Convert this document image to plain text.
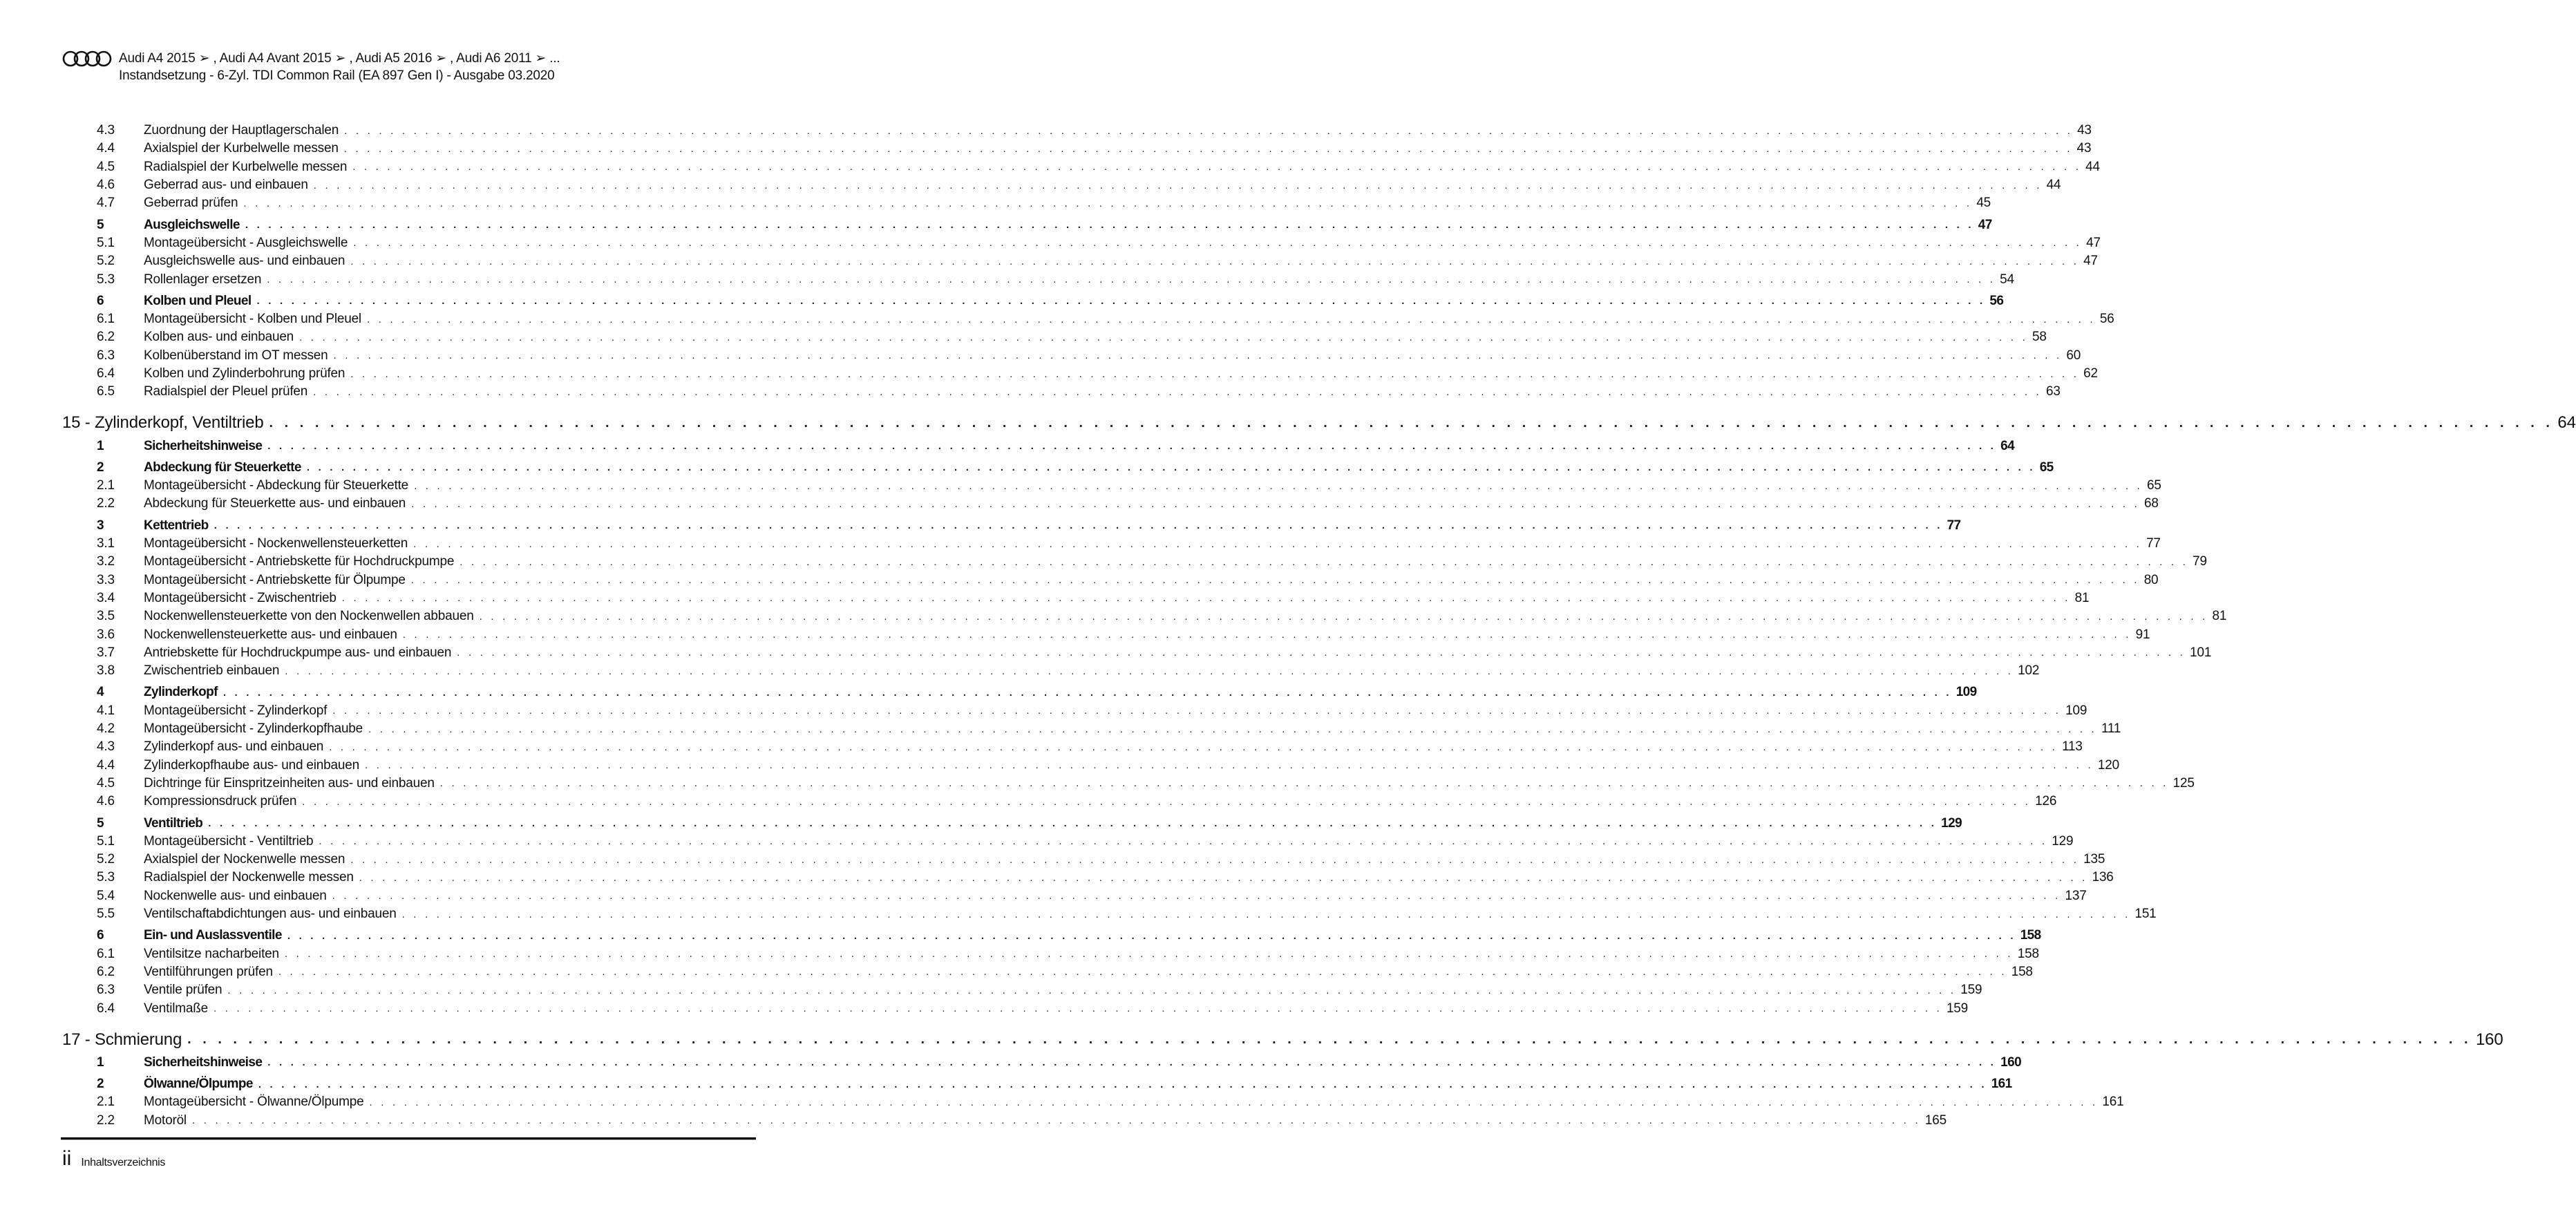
Audi A4 2015 ➢ , Audi A4 Avant 2015 ➢ , Audi A5 2016 ➢ , Audi A6 2011 ➢ ...
Instandsetzung - 6-Zyl. TDI Common Rail (EA 897 Gen I) - Ausgabe 03.2020
4.3	Zuordnung der Hauptlagerschalen . . . . . . . . . . . . . . . . . . . . . . . . . . . . . . . . . . . . . . . . . . . . . . . . . . . . . . . . . . . . . . . . . . . . . . . . . . . . . . . . . . . . . . . . . . . . . . . . . . . . . . . . . . . . . . . . . . . . . . . . . . . . . . . . . . . . . . . . . . . . . . . . . . . . . . 43
4.4	Axialspiel der Kurbelwelle messen . . . . . . . . . . . . . . . . . . . . . . . . . . . . . . . . . . . . . . . . . . . . . . . . . . . . . . . . . . . . . . . . . . . . . . . . . . . . . . . . . . . . . . . . . . . . . . . . . . . . . . . . . . . . . . . . . . . . . . . . . . . . . . . . . . . . . . . . . . . . . . . . . . . . . . 43
4.5	Radialspiel der Kurbelwelle messen . . . . . . . . . . . . . . . . . . . . . . . . . . . . . . . . . . . . . . . . . . . . . . . . . . . . . . . . . . . . . . . . . . . . . . . . . . . . . . . . . . . . . . . . . . . . . . . . . . . . . . . . . . . . . . . . . . . . . . . . . . . . . . . . . . . . . . . . . . . . . . . . . . . . . . 44
4.6	Geberrad aus- und einbauen . . . . . . . . . . . . . . . . . . . . . . . . . . . . . . . . . . . . . . . . . . . . . . . . . . . . . . . . . . . . . . . . . . . . . . . . . . . . . . . . . . . . . . . . . . . . . . . . . . . . . . . . . . . . . . . . . . . . . . . . . . . . . . . . . . . . . . . . . . . . . . . . . . . . . . 44
4.7	Geberrad prüfen . . . . . . . . . . . . . . . . . . . . . . . . . . . . . . . . . . . . . . . . . . . . . . . . . . . . . . . . . . . . . . . . . . . . . . . . . . . . . . . . . . . . . . . . . . . . . . . . . . . . . . . . . . . . . . . . . . . . . . . . . . . . . . . . . . . . . . . . . . . . . . . . . . . . . . 45
5	Ausgleichswelle . . . . . . . . . . . . . . . . . . . . . . . . . . . . . . . . . . . . . . . . . . . . . . . . . . . . . . . . . . . . . . . . . . . . . . . . . . . . . . . . . . . . . . . . . . . . . . . . . . . . . . . . . . . . . . . . . . . . . . . . . . . . . . . . . . . . . . . . . . . . . . . . . . . . . . 47
5.1	Montageübersicht - Ausgleichswelle . . . . . . . . . . . . . . . . . . . . . . . . . . . . . . . . . . . . . . . . . . . . . . . . . . . . . . . . . . . . . . . . . . . . . . . . . . . . . . . . . . . . . . . . . . . . . . . . . . . . . . . . . . . . . . . . . . . . . . . . . . . . . . . . . . . . . . . . . . . . . . . . . . . . . . 47
5.2	Ausgleichswelle aus- und einbauen . . . . . . . . . . . . . . . . . . . . . . . . . . . . . . . . . . . . . . . . . . . . . . . . . . . . . . . . . . . . . . . . . . . . . . . . . . . . . . . . . . . . . . . . . . . . . . . . . . . . . . . . . . . . . . . . . . . . . . . . . . . . . . . . . . . . . . . . . . . . . . . . . . . . . . 47
5.3	Rollenlager ersetzen . . . . . . . . . . . . . . . . . . . . . . . . . . . . . . . . . . . . . . . . . . . . . . . . . . . . . . . . . . . . . . . . . . . . . . . . . . . . . . . . . . . . . . . . . . . . . . . . . . . . . . . . . . . . . . . . . . . . . . . . . . . . . . . . . . . . . . . . . . . . . . . . . . . . . . 54
6	Kolben und Pleuel . . . . . . . . . . . . . . . . . . . . . . . . . . . . . . . . . . . . . . . . . . . . . . . . . . . . . . . . . . . . . . . . . . . . . . . . . . . . . . . . . . . . . . . . . . . . . . . . . . . . . . . . . . . . . . . . . . . . . . . . . . . . . . . . . . . . . . . . . . . . . . . . . . . . . . 56
6.1	Montageübersicht - Kolben und Pleuel . . . . . . . . . . . . . . . . . . . . . . . . . . . . . . . . . . . . . . . . . . . . . . . . . . . . . . . . . . . . . . . . . . . . . . . . . . . . . . . . . . . . . . . . . . . . . . . . . . . . . . . . . . . . . . . . . . . . . . . . . . . . . . . . . . . . . . . . . . . . . . . . . . . . . . 56
6.2	Kolben aus- und einbauen . . . . . . . . . . . . . . . . . . . . . . . . . . . . . . . . . . . . . . . . . . . . . . . . . . . . . . . . . . . . . . . . . . . . . . . . . . . . . . . . . . . . . . . . . . . . . . . . . . . . . . . . . . . . . . . . . . . . . . . . . . . . . . . . . . . . . . . . . . . . . . . . . . . . . . 58
6.3	Kolbenüberstand im OT messen . . . . . . . . . . . . . . . . . . . . . . . . . . . . . . . . . . . . . . . . . . . . . . . . . . . . . . . . . . . . . . . . . . . . . . . . . . . . . . . . . . . . . . . . . . . . . . . . . . . . . . . . . . . . . . . . . . . . . . . . . . . . . . . . . . . . . . . . . . . . . . . . . . . . . . 60
6.4	Kolben und Zylinderbohrung prüfen . . . . . . . . . . . . . . . . . . . . . . . . . . . . . . . . . . . . . . . . . . . . . . . . . . . . . . . . . . . . . . . . . . . . . . . . . . . . . . . . . . . . . . . . . . . . . . . . . . . . . . . . . . . . . . . . . . . . . . . . . . . . . . . . . . . . . . . . . . . . . . . . . . . . . . 62
6.5	Radialspiel der Pleuel prüfen . . . . . . . . . . . . . . . . . . . . . . . . . . . . . . . . . . . . . . . . . . . . . . . . . . . . . . . . . . . . . . . . . . . . . . . . . . . . . . . . . . . . . . . . . . . . . . . . . . . . . . . . . . . . . . . . . . . . . . . . . . . . . . . . . . . . . . . . . . . . . . . . . . . . . . 63
15 - Zylinderkopf, Ventiltrieb . . . . . . . . . . . . . . . . . . . . . . . . . . . . . . . . . . . . . . . . . . . . . . . . . . . . . . . . . . . . . . . . . . . . . . . . . . . . . . . . . . . . . . . . . . . . . . . . . . . . . . . . . . . . . . . . . . . . . . . . . . . . . . . . . . . . . . . . . . . . . . . . . . . . . . 64
1	Sicherheitshinweise . . . . . . . . . . . . . . . . . . . . . . . . . . . . . . . . . . . . . . . . . . . . . . . . . . . . . . . . . . . . . . . . . . . . . . . . . . . . . . . . . . . . . . . . . . . . . . . . . . . . . . . . . . . . . . . . . . . . . . . . . . . . . . . . . . . . . . . . . . . . . . . . . . . . . . 64
2	Abdeckung für Steuerkette . . . . . . . . . . . . . . . . . . . . . . . . . . . . . . . . . . . . . . . . . . . . . . . . . . . . . . . . . . . . . . . . . . . . . . . . . . . . . . . . . . . . . . . . . . . . . . . . . . . . . . . . . . . . . . . . . . . . . . . . . . . . . . . . . . . . . . . . . . . . . . . . . . . . . . 65
2.1	Montageübersicht - Abdeckung für Steuerkette . . . . . . . . . . . . . . . . . . . . . . . . . . . . . . . . . . . . . . . . . . . . . . . . . . . . . . . . . . . . . . . . . . . . . . . . . . . . . . . . . . . . . . . . . . . . . . . . . . . . . . . . . . . . . . . . . . . . . . . . . . . . . . . . . . . . . . . . . . . . . . . . . . . . . . 65
2.2	Abdeckung für Steuerkette aus- und einbauen . . . . . . . . . . . . . . . . . . . . . . . . . . . . . . . . . . . . . . . . . . . . . . . . . . . . . . . . . . . . . . . . . . . . . . . . . . . . . . . . . . . . . . . . . . . . . . . . . . . . . . . . . . . . . . . . . . . . . . . . . . . . . . . . . . . . . . . . . . . . . . . . . . . . . . 68
3	Kettentrieb . . . . . . . . . . . . . . . . . . . . . . . . . . . . . . . . . . . . . . . . . . . . . . . . . . . . . . . . . . . . . . . . . . . . . . . . . . . . . . . . . . . . . . . . . . . . . . . . . . . . . . . . . . . . . . . . . . . . . . . . . . . . . . . . . . . . . . . . . . . . . . . . . . . . . . 77
3.1	Montageübersicht - Nockenwellensteuerketten . . . . . . . . . . . . . . . . . . . . . . . . . . . . . . . . . . . . . . . . . . . . . . . . . . . . . . . . . . . . . . . . . . . . . . . . . . . . . . . . . . . . . . . . . . . . . . . . . . . . . . . . . . . . . . . . . . . . . . . . . . . . . . . . . . . . . . . . . . . . . . . . . . . . . . 77
3.2	Montageübersicht - Antriebskette für Hochdruckpumpe . . . . . . . . . . . . . . . . . . . . . . . . . . . . . . . . . . . . . . . . . . . . . . . . . . . . . . . . . . . . . . . . . . . . . . . . . . . . . . . . . . . . . . . . . . . . . . . . . . . . . . . . . . . . . . . . . . . . . . . . . . . . . . . . . . . . . . . . . . . . . . . . . . . . . . 79
3.3	Montageübersicht - Antriebskette für Ölpumpe . . . . . . . . . . . . . . . . . . . . . . . . . . . . . . . . . . . . . . . . . . . . . . . . . . . . . . . . . . . . . . . . . . . . . . . . . . . . . . . . . . . . . . . . . . . . . . . . . . . . . . . . . . . . . . . . . . . . . . . . . . . . . . . . . . . . . . . . . . . . . . . . . . . . . . 80
3.4	Montageübersicht - Zwischentrieb . . . . . . . . . . . . . . . . . . . . . . . . . . . . . . . . . . . . . . . . . . . . . . . . . . . . . . . . . . . . . . . . . . . . . . . . . . . . . . . . . . . . . . . . . . . . . . . . . . . . . . . . . . . . . . . . . . . . . . . . . . . . . . . . . . . . . . . . . . . . . . . . . . . . . . 81
3.5	Nockenwellensteuerkette von den Nockenwellen abbauen . . . . . . . . . . . . . . . . . . . . . . . . . . . . . . . . . . . . . . . . . . . . . . . . . . . . . . . . . . . . . . . . . . . . . . . . . . . . . . . . . . . . . . . . . . . . . . . . . . . . . . . . . . . . . . . . . . . . . . . . . . . . . . . . . . . . . . . . . . . . . . . . . . . . . . 81
3.6	Nockenwellensteuerkette aus- und einbauen . . . . . . . . . . . . . . . . . . . . . . . . . . . . . . . . . . . . . . . . . . . . . . . . . . . . . . . . . . . . . . . . . . . . . . . . . . . . . . . . . . . . . . . . . . . . . . . . . . . . . . . . . . . . . . . . . . . . . . . . . . . . . . . . . . . . . . . . . . . . . . . . . . . . . . 91
3.7	Antriebskette für Hochdruckpumpe aus- und einbauen . . . . . . . . . . . . . . . . . . . . . . . . . . . . . . . . . . . . . . . . . . . . . . . . . . . . . . . . . . . . . . . . . . . . . . . . . . . . . . . . . . . . . . . . . . . . . . . . . . . . . . . . . . . . . . . . . . . . . . . . . . . . . . . . . . . . . . . . . . . . . . . . . . . . . . 101
3.8	Zwischentrieb einbauen . . . . . . . . . . . . . . . . . . . . . . . . . . . . . . . . . . . . . . . . . . . . . . . . . . . . . . . . . . . . . . . . . . . . . . . . . . . . . . . . . . . . . . . . . . . . . . . . . . . . . . . . . . . . . . . . . . . . . . . . . . . . . . . . . . . . . . . . . . . . . . . . . . . . . . 102
4	Zylinderkopf . . . . . . . . . . . . . . . . . . . . . . . . . . . . . . . . . . . . . . . . . . . . . . . . . . . . . . . . . . . . . . . . . . . . . . . . . . . . . . . . . . . . . . . . . . . . . . . . . . . . . . . . . . . . . . . . . . . . . . . . . . . . . . . . . . . . . . . . . . . . . . . . . . . . . . 109
4.1	Montageübersicht - Zylinderkopf . . . . . . . . . . . . . . . . . . . . . . . . . . . . . . . . . . . . . . . . . . . . . . . . . . . . . . . . . . . . . . . . . . . . . . . . . . . . . . . . . . . . . . . . . . . . . . . . . . . . . . . . . . . . . . . . . . . . . . . . . . . . . . . . . . . . . . . . . . . . . . . . . . . . . . 109
4.2	Montageübersicht - Zylinderkopfhaube . . . . . . . . . . . . . . . . . . . . . . . . . . . . . . . . . . . . . . . . . . . . . . . . . . . . . . . . . . . . . . . . . . . . . . . . . . . . . . . . . . . . . . . . . . . . . . . . . . . . . . . . . . . . . . . . . . . . . . . . . . . . . . . . . . . . . . . . . . . . . . . . . . . . . . 111
4.3	Zylinderkopf aus- und einbauen . . . . . . . . . . . . . . . . . . . . . . . . . . . . . . . . . . . . . . . . . . . . . . . . . . . . . . . . . . . . . . . . . . . . . . . . . . . . . . . . . . . . . . . . . . . . . . . . . . . . . . . . . . . . . . . . . . . . . . . . . . . . . . . . . . . . . . . . . . . . . . . . . . . . . . 113
4.4	Zylinderkopfhaube aus- und einbauen . . . . . . . . . . . . . . . . . . . . . . . . . . . . . . . . . . . . . . . . . . . . . . . . . . . . . . . . . . . . . . . . . . . . . . . . . . . . . . . . . . . . . . . . . . . . . . . . . . . . . . . . . . . . . . . . . . . . . . . . . . . . . . . . . . . . . . . . . . . . . . . . . . . . . . 120
4.5	Dichtringe für Einspritzeinheiten aus- und einbauen . . . . . . . . . . . . . . . . . . . . . . . . . . . . . . . . . . . . . . . . . . . . . . . . . . . . . . . . . . . . . . . . . . . . . . . . . . . . . . . . . . . . . . . . . . . . . . . . . . . . . . . . . . . . . . . . . . . . . . . . . . . . . . . . . . . . . . . . . . . . . . . . . . . . . . 125
4.6	Kompressionsdruck prüfen . . . . . . . . . . . . . . . . . . . . . . . . . . . . . . . . . . . . . . . . . . . . . . . . . . . . . . . . . . . . . . . . . . . . . . . . . . . . . . . . . . . . . . . . . . . . . . . . . . . . . . . . . . . . . . . . . . . . . . . . . . . . . . . . . . . . . . . . . . . . . . . . . . . . . . 126
5	Ventiltrieb . . . . . . . . . . . . . . . . . . . . . . . . . . . . . . . . . . . . . . . . . . . . . . . . . . . . . . . . . . . . . . . . . . . . . . . . . . . . . . . . . . . . . . . . . . . . . . . . . . . . . . . . . . . . . . . . . . . . . . . . . . . . . . . . . . . . . . . . . . . . . . . . . . . . . . 129
5.1	Montageübersicht - Ventiltrieb . . . . . . . . . . . . . . . . . . . . . . . . . . . . . . . . . . . . . . . . . . . . . . . . . . . . . . . . . . . . . . . . . . . . . . . . . . . . . . . . . . . . . . . . . . . . . . . . . . . . . . . . . . . . . . . . . . . . . . . . . . . . . . . . . . . . . . . . . . . . . . . . . . . . . . 129
5.2	Axialspiel der Nockenwelle messen . . . . . . . . . . . . . . . . . . . . . . . . . . . . . . . . . . . . . . . . . . . . . . . . . . . . . . . . . . . . . . . . . . . . . . . . . . . . . . . . . . . . . . . . . . . . . . . . . . . . . . . . . . . . . . . . . . . . . . . . . . . . . . . . . . . . . . . . . . . . . . . . . . . . . . 135
5.3	Radialspiel der Nockenwelle messen . . . . . . . . . . . . . . . . . . . . . . . . . . . . . . . . . . . . . . . . . . . . . . . . . . . . . . . . . . . . . . . . . . . . . . . . . . . . . . . . . . . . . . . . . . . . . . . . . . . . . . . . . . . . . . . . . . . . . . . . . . . . . . . . . . . . . . . . . . . . . . . . . . . . . . 136
5.4	Nockenwelle aus- und einbauen . . . . . . . . . . . . . . . . . . . . . . . . . . . . . . . . . . . . . . . . . . . . . . . . . . . . . . . . . . . . . . . . . . . . . . . . . . . . . . . . . . . . . . . . . . . . . . . . . . . . . . . . . . . . . . . . . . . . . . . . . . . . . . . . . . . . . . . . . . . . . . . . . . . . . . 137
5.5	Ventilschaftabdichtungen aus- und einbauen . . . . . . . . . . . . . . . . . . . . . . . . . . . . . . . . . . . . . . . . . . . . . . . . . . . . . . . . . . . . . . . . . . . . . . . . . . . . . . . . . . . . . . . . . . . . . . . . . . . . . . . . . . . . . . . . . . . . . . . . . . . . . . . . . . . . . . . . . . . . . . . . . . . . . . 151
6	Ein- und Auslassventile . . . . . . . . . . . . . . . . . . . . . . . . . . . . . . . . . . . . . . . . . . . . . . . . . . . . . . . . . . . . . . . . . . . . . . . . . . . . . . . . . . . . . . . . . . . . . . . . . . . . . . . . . . . . . . . . . . . . . . . . . . . . . . . . . . . . . . . . . . . . . . . . . . . . . . 158
6.1	Ventilsitze nacharbeiten . . . . . . . . . . . . . . . . . . . . . . . . . . . . . . . . . . . . . . . . . . . . . . . . . . . . . . . . . . . . . . . . . . . . . . . . . . . . . . . . . . . . . . . . . . . . . . . . . . . . . . . . . . . . . . . . . . . . . . . . . . . . . . . . . . . . . . . . . . . . . . . . . . . . . . 158
6.2	Ventilführungen prüfen . . . . . . . . . . . . . . . . . . . . . . . . . . . . . . . . . . . . . . . . . . . . . . . . . . . . . . . . . . . . . . . . . . . . . . . . . . . . . . . . . . . . . . . . . . . . . . . . . . . . . . . . . . . . . . . . . . . . . . . . . . . . . . . . . . . . . . . . . . . . . . . . . . . . . . 158
6.3	Ventile prüfen . . . . . . . . . . . . . . . . . . . . . . . . . . . . . . . . . . . . . . . . . . . . . . . . . . . . . . . . . . . . . . . . . . . . . . . . . . . . . . . . . . . . . . . . . . . . . . . . . . . . . . . . . . . . . . . . . . . . . . . . . . . . . . . . . . . . . . . . . . . . . . . . . . . . . . 159
6.4	Ventilmaße . . . . . . . . . . . . . . . . . . . . . . . . . . . . . . . . . . . . . . . . . . . . . . . . . . . . . . . . . . . . . . . . . . . . . . . . . . . . . . . . . . . . . . . . . . . . . . . . . . . . . . . . . . . . . . . . . . . . . . . . . . . . . . . . . . . . . . . . . . . . . . . . . . . . . . 159
17 - Schmierung . . . . . . . . . . . . . . . . . . . . . . . . . . . . . . . . . . . . . . . . . . . . . . . . . . . . . . . . . . . . . . . . . . . . . . . . . . . . . . . . . . . . . . . . . . . . . . . . . . . . . . . . . . . . . . . . . . . . . . . . . . . . . . . . . . . . . . . . . . . . . . . . . . . . . . 160
1	Sicherheitshinweise . . . . . . . . . . . . . . . . . . . . . . . . . . . . . . . . . . . . . . . . . . . . . . . . . . . . . . . . . . . . . . . . . . . . . . . . . . . . . . . . . . . . . . . . . . . . . . . . . . . . . . . . . . . . . . . . . . . . . . . . . . . . . . . . . . . . . . . . . . . . . . . . . . . . . . 160
2	Ölwanne/Ölpumpe . . . . . . . . . . . . . . . . . . . . . . . . . . . . . . . . . . . . . . . . . . . . . . . . . . . . . . . . . . . . . . . . . . . . . . . . . . . . . . . . . . . . . . . . . . . . . . . . . . . . . . . . . . . . . . . . . . . . . . . . . . . . . . . . . . . . . . . . . . . . . . . . . . . . . . 161
2.1	Montageübersicht - Ölwanne/Ölpumpe . . . . . . . . . . . . . . . . . . . . . . . . . . . . . . . . . . . . . . . . . . . . . . . . . . . . . . . . . . . . . . . . . . . . . . . . . . . . . . . . . . . . . . . . . . . . . . . . . . . . . . . . . . . . . . . . . . . . . . . . . . . . . . . . . . . . . . . . . . . . . . . . . . . . . . 161
2.2	Motoröl . . . . . . . . . . . . . . . . . . . . . . . . . . . . . . . . . . . . . . . . . . . . . . . . . . . . . . . . . . . . . . . . . . . . . . . . . . . . . . . . . . . . . . . . . . . . . . . . . . . . . . . . . . . . . . . . . . . . . . . . . . . . . . . . . . . . . . . . . . . . . . . . . . . . . . 165
ii Inhaltsverzeichnis
